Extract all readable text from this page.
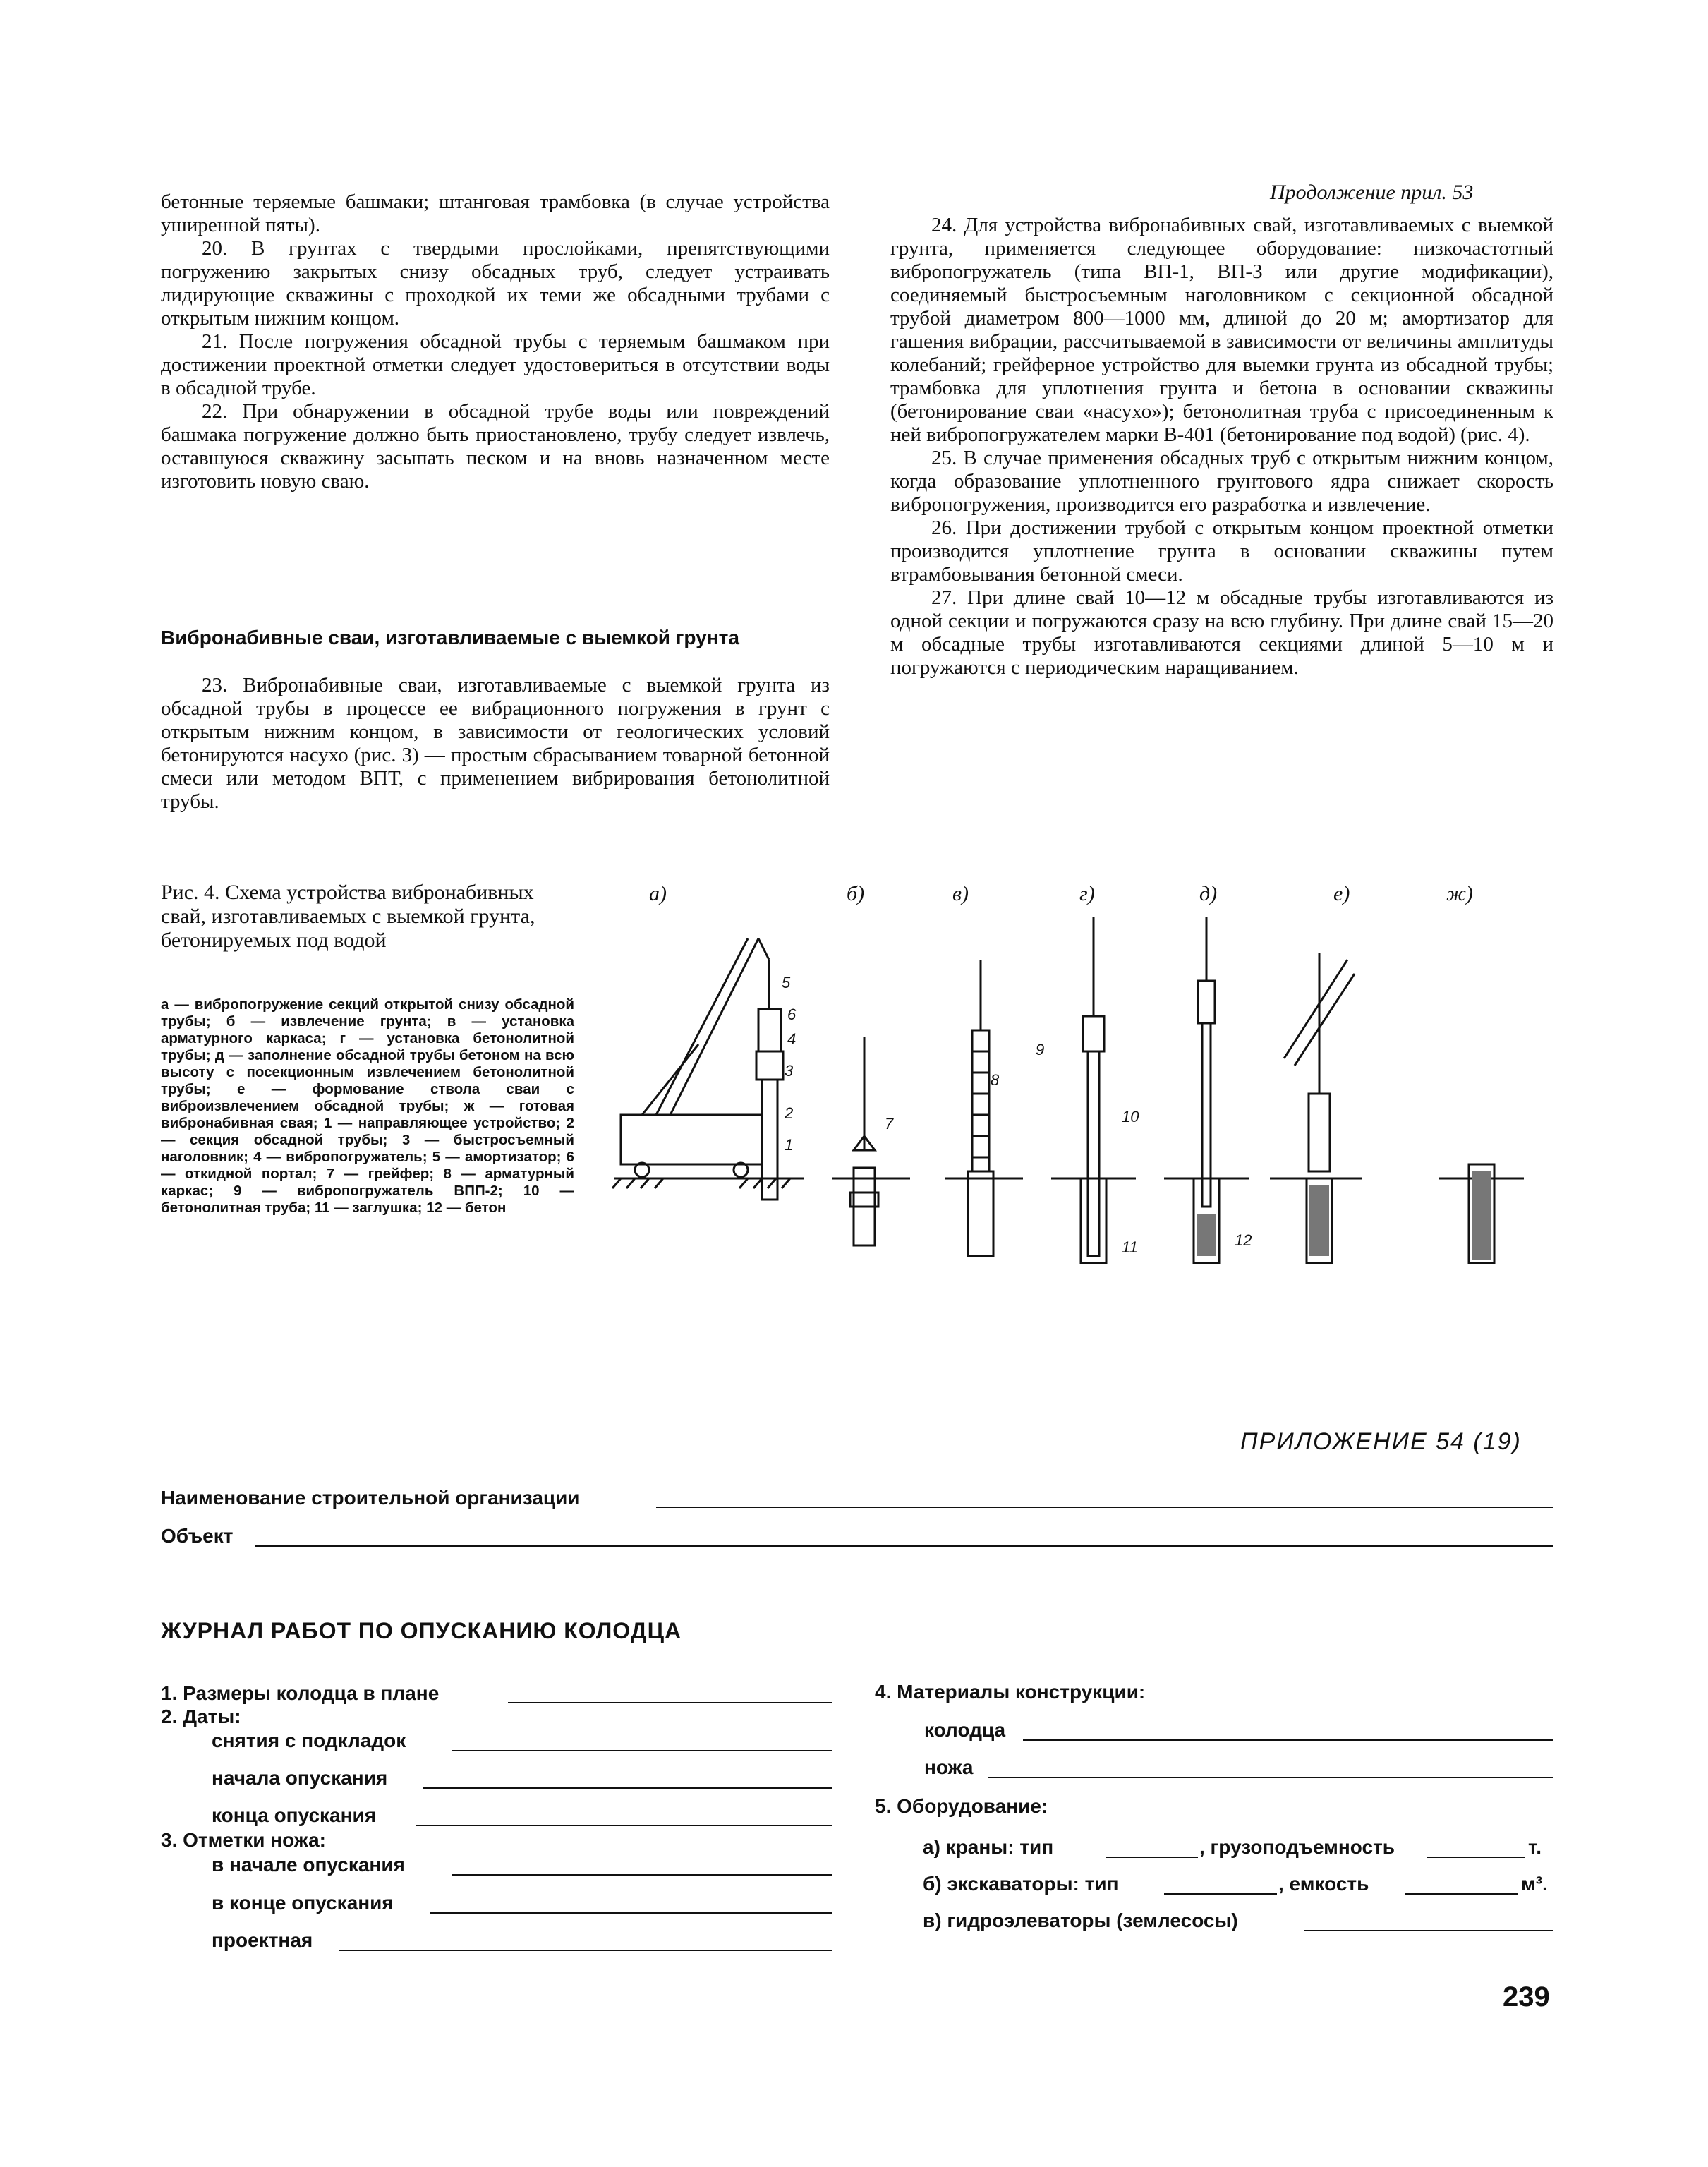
бетонные теряемые башмаки; штанговая трамбовка (в случае устройства уширенной пяты).

20. В грунтах с твердыми прослойками, препятствующими погружению закрытых снизу обсадных труб, следует устраивать лидирующие скважины с проходкой их теми же обсадными трубами с открытым нижним концом.

21. После погружения обсадной трубы с теряемым башмаком при достижении проектной отметки следует удостовериться в отсутствии воды в обсадной трубе.

22. При обнаружении в обсадной трубе воды или повреждений башмака погружение должно быть приостановлено, трубу следует извлечь, оставшуюся скважину засыпать песком и на вновь назначенном месте изготовить новую сваю.

Вибронабивные сваи, изготавливаемые с выемкой грунта

23. Вибронабивные сваи, изготавливаемые с выемкой грунта из обсадной трубы в процессе ее вибрационного погружения в грунт с открытым нижним концом, в зависимости от геологических условий бетонируются насухо (рис. 3) — простым сбрасыванием товарной бетонной смеси или методом ВПТ, с применением вибрирования бетонолитной трубы.

Продолжение прил. 53

24. Для устройства вибронабивных свай, изготавливаемых с выемкой грунта, применяется следующее оборудование: низкочастотный вибропогружатель (типа ВП-1, ВП-3 или другие модификации), соединяемый быстросъемным наголовником с секционной обсадной трубой диаметром 800—1000 мм, длиной до 20 м; амортизатор для гашения вибрации, рассчитываемой в зависимости от величины амплитуды колебаний; грейферное устройство для выемки грунта из обсадной трубы; трамбовка для уплотнения грунта и бетона в основании скважины (бетонирование сваи «насухо»); бетонолитная труба с присоединенным к ней вибропогружателем марки В-401 (бетонирование под водой) (рис. 4).

25. В случае применения обсадных труб с открытым нижним концом, когда образование уплотненного грунтового ядра снижает скорость вибропогружения, производится его разработка и извлечение.

26. При достижении трубой с открытым концом проектной отметки производится уплотнение грунта в основании скважины путем втрамбовывания бетонной смеси.

27. При длине свай 10—12 м обсадные трубы изготавливаются из одной секции и погружаются сразу на всю глубину. При длине свай 15—20 м обсадные трубы изготавливаются секциями длиной 5—10 м и погружаются с периодическим наращиванием.

Рис. 4. Схема устройства вибронабивных свай, изготавливаемых с выемкой грунта, бетонируемых под водой
а — вибропогружение секций открытой снизу обсадной трубы; б — извлечение грунта; в — установка арматурного каркаса; г — установка бетонолитной трубы; д — заполнение обсадной трубы бетоном на всю высоту с посекционным извлечением бетонолитной трубы; е — формование ствола сваи с виброизвлечением обсадной трубы; ж — готовая вибронабивная свая; 1 — направляющее устройство; 2 — секция обсадной трубы; 3 — быстросъемный наголовник; 4 — вибропогружатель; 5 — амортизатор; 6 — откидной портал; 7 — грейфер; 8 — арматурный каркас; 9 — вибропогружатель ВПП-2; 10 — бетонолитная труба; 11 — заглушка; 12 — бетон
а)	б)	в)	г)	д)	е)	ж)
1
2
3
4
5
6
7
8
9
10
11	12
ПРИЛОЖЕНИЕ 54 (19)
Наименование строительной организации
Объект
ЖУРНАЛ РАБОТ ПО ОПУСКАНИЮ КОЛОДЦА
1. Размеры колодца в плане
2. Даты:
снятия с подкладок
начала опускания
конца опускания
3. Отметки ножа:
в начале опускания
в конце опускания
проектная
4. Материалы конструкции:
колодца
ножа
5. Оборудование:
а) краны: тип	, грузоподъемность	т.
б) экскаваторы: тип	, емкость	м³.
в) гидроэлеваторы (землесосы)
239
